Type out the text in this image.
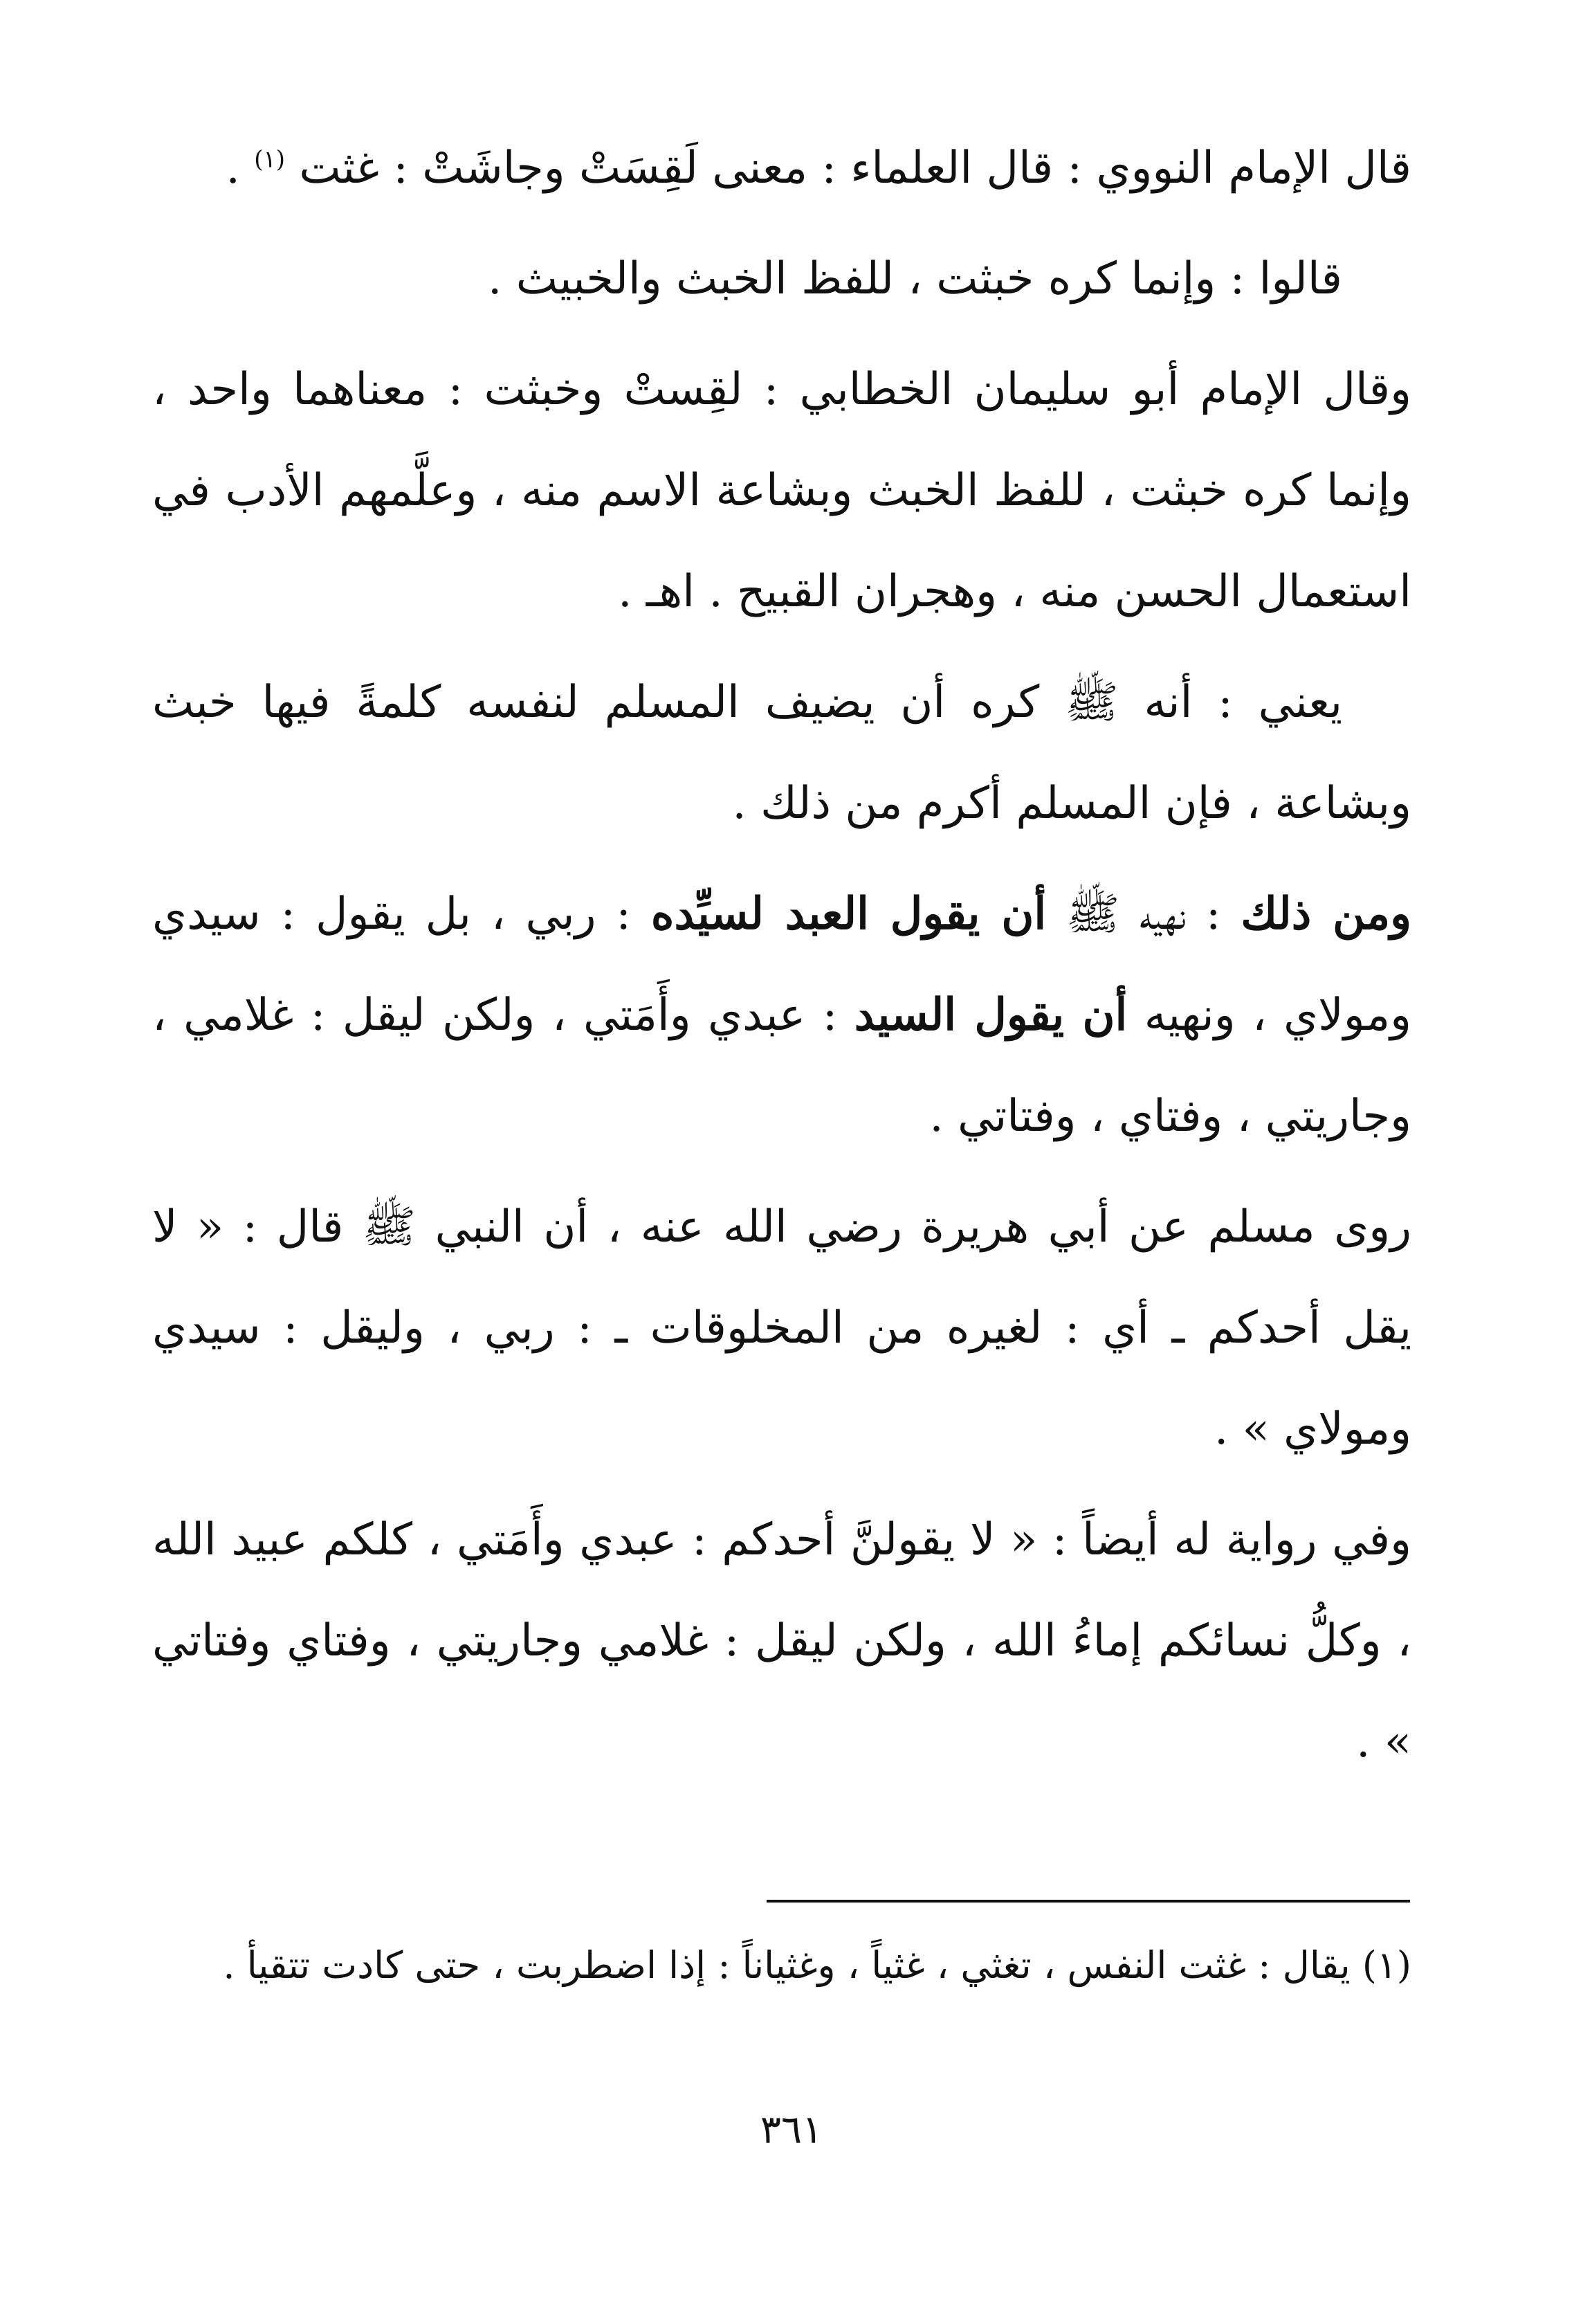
قال الإمام النووي : قال العلماء : معنى لَقِسَتْ وجاشَتْ : غثت $^{(١)}$ .

قالوا : وإنما كره خبثت ، للفظ الخبث والخبيث .

وقال الإمام أبو سليمان الخطابي : لقِستْ وخبثت : معناهما واحد ، وإنما كره خبثت ، للفظ الخبث وبشاعة الاسم منه ، وعلَّمهم الأدب في استعمال الحسن منه ، وهجران القبيح . اهـ .

يعني : أنه ﷺ كره أن يضيف المسلم لنفسه كلمةً فيها خبث وبشاعة ، فإن المسلم أكرم من ذلك .

ومن ذلك : نهيه ﷺ أن يقول العبد لسيِّده : ربي ، بل يقول : سيدي ومولاي ، ونهيه أن يقول السيد : عبدي وأَمَتي ، ولكن ليقل : غلامي ، وجاريتي ، وفتاي ، وفتاتي .

روى مسلم عن أبي هريرة رضي الله عنه ، أن النبي ﷺ قال : « لا يقل أحدكم ـ أي : لغيره من المخلوقات ـ : ربي ، وليقل : سيدي ومولاي » .

وفي رواية له أيضاً : « لا يقولنَّ أحدكم : عبدي وأَمَتي ، كلكم عبيد الله ، وكلُّ نسائكم إماءُ الله ، ولكن ليقل : غلامي وجاريتي ، وفتاي وفتاتي » .

(١) يقال : غثت النفس ، تغثي ، غثياً ، وغثياناً : إذا اضطربت ، حتى كادت تتقيأ .

٣٦١
